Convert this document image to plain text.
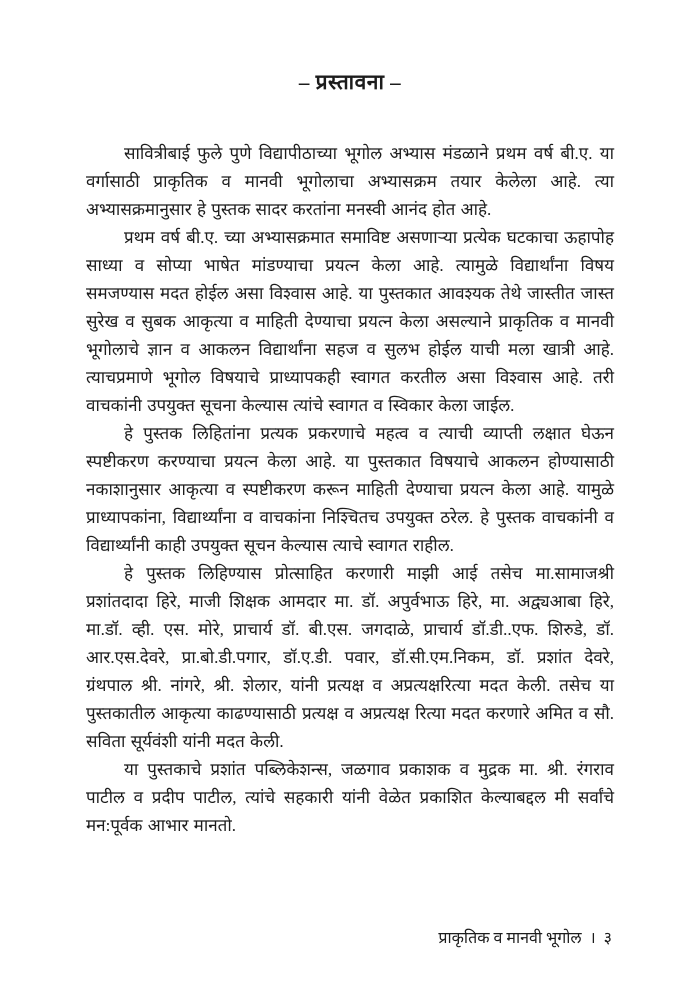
– प्रस्तावना –

सावित्रीबाई फुले पुणे विद्यापीठाच्या भूगोल अभ्यास मंडळाने प्रथम वर्ष बी.ए. या वर्गासाठी प्राकृतिक व मानवी भूगोलाचा अभ्यासक्रम तयार केलेला आहे. त्या अभ्यासक्रमानुसार हे पुस्तक सादर करतांना मनस्वी आनंद होत आहे.

प्रथम वर्ष बी.ए. च्या अभ्यासक्रमात समाविष्ट असणाऱ्या प्रत्येक घटकाचा ऊहापोह साध्या व सोप्या भाषेत मांडण्याचा प्रयत्न केला आहे. त्यामुळे विद्यार्थांना विषय समजण्यास मदत होईल असा विश्वास आहे. या पुस्तकात आवश्यक तेथे जास्तीत जास्त सुरेख व सुबक आकृत्या व माहिती देण्याचा प्रयत्न केला असल्याने प्राकृतिक व मानवी भूगोलाचे ज्ञान व आकलन विद्यार्थांना सहज व सुलभ होईल याची मला खात्री आहे. त्याचप्रमाणे भूगोल विषयाचे प्राध्यापकही स्वागत करतील असा विश्वास आहे. तरी वाचकांनी उपयुक्त सूचना केल्यास त्यांचे स्वागत व स्विकार केला जाईल.

हे पुस्तक लिहितांना प्रत्यक प्रकरणाचे महत्व व त्याची व्याप्ती लक्षात घेऊन स्पष्टीकरण करण्याचा प्रयत्न केला आहे. या पुस्तकात विषयाचे आकलन होण्यासाठी नकाशानुसार आकृत्या व स्पष्टीकरण करून माहिती देण्याचा प्रयत्न केला आहे. यामुळे प्राध्यापकांना, विद्यार्थ्यांना व वाचकांना निश्चितच उपयुक्त ठरेल. हे पुस्तक वाचकांनी व विद्यार्थ्यांनी काही उपयुक्त सूचन केल्यास त्याचे स्वागत राहील.

हे पुस्तक लिहिण्यास प्रोत्साहित करणारी माझी आई तसेच मा.सामाजश्री प्रशांतदादा हिरे, माजी शिक्षक आमदार मा. डॉ. अपुर्वभाऊ हिरे, मा. अद्व्यआबा हिरे, मा.डॉ. व्ही. एस. मोरे, प्राचार्य डॉ. बी.एस. जगदाळे, प्राचार्य डॉ.डी..एफ. शिरुडे, डॉ. आर.एस.देवरे, प्रा.बो.डी.पगार, डॉ.ए.डी. पवार, डॉ.सी.एम.निकम, डॉ. प्रशांत देवरे, ग्रंथपाल श्री. नांगरे, श्री. शेलार, यांनी प्रत्यक्ष व अप्रत्यक्षरित्या मदत केली. तसेच या पुस्तकातील आकृत्या काढण्यासाठी प्रत्यक्ष व अप्रत्यक्ष रित्या मदत करणारे अमित व सौ. सविता सूर्यवंशी यांनी मदत केली.

या पुस्तकाचे प्रशांत पब्लिकेशन्स, जळगाव प्रकाशक व मुद्रक मा. श्री. रंगराव पाटील व प्रदीप पाटील, त्यांचे सहकारी यांनी वेळेत प्रकाशित केल्याबद्दल मी सर्वांचे मन:पूर्वक आभार मानतो.

प्राकृतिक व मानवी भूगोल । ३
